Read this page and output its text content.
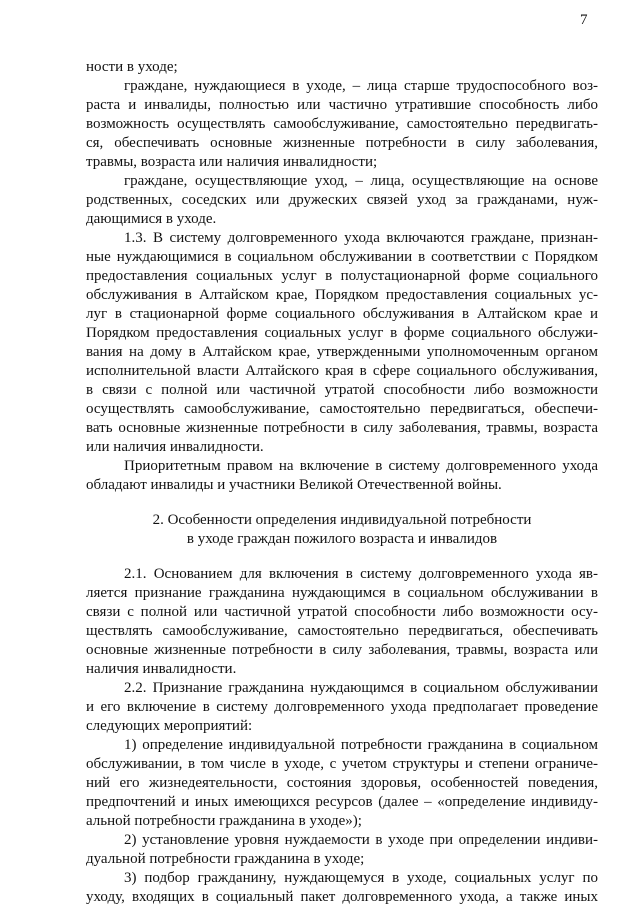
7
ности в уходе;
граждане, нуждающиеся в уходе, – лица старше трудоспособного воз-
раста и инвалиды, полностью или частично утратившие способность либо
возможность осуществлять самообслуживание, самостоятельно передвигать-
ся, обеспечивать основные жизненные потребности в силу заболевания,
травмы, возраста или наличия инвалидности;
граждане, осуществляющие уход, – лица, осуществляющие на основе
родственных, соседских или дружеских связей уход за гражданами, нуж-
дающимися в уходе.
1.3. В систему долговременного ухода включаются граждане, признан-
ные нуждающимися в социальном обслуживании в соответствии с Порядком
предоставления социальных услуг в полустационарной форме социального
обслуживания в Алтайском крае, Порядком предоставления социальных ус-
луг в стационарной форме социального обслуживания в Алтайском крае и
Порядком предоставления социальных услуг в форме социального обслужи-
вания на дому в Алтайском крае, утвержденными уполномоченным органом
исполнительной власти Алтайского края в сфере социального обслуживания,
в связи с полной или частичной утратой способности либо возможности
осуществлять самообслуживание, самостоятельно передвигаться, обеспечи-
вать основные жизненные потребности в силу заболевания, травмы, возраста
или наличия инвалидности.
Приоритетным правом на включение в систему долговременного ухода
обладают инвалиды и участники Великой Отечественной войны.
2. Особенности определения индивидуальной потребности
в уходе граждан пожилого возраста и инвалидов
2.1. Основанием для включения в систему долговременного ухода яв-
ляется признание гражданина нуждающимся в социальном обслуживании в
связи с полной или частичной утратой способности либо возможности осу-
ществлять самообслуживание, самостоятельно передвигаться, обеспечивать
основные жизненные потребности в силу заболевания, травмы, возраста или
наличия инвалидности.
2.2. Признание гражданина нуждающимся в социальном обслуживании
и его включение в систему долговременного ухода предполагает проведение
следующих мероприятий:
1) определение индивидуальной потребности гражданина в социальном
обслуживании, в том числе в уходе, с учетом структуры и степени ограниче-
ний его жизнедеятельности, состояния здоровья, особенностей поведения,
предпочтений и иных имеющихся ресурсов (далее – «определение индивиду-
альной потребности гражданина в уходе»);
2) установление уровня нуждаемости в уходе при определении индиви-
дуальной потребности гражданина в уходе;
3) подбор гражданину, нуждающемуся в уходе, социальных услуг по
уходу, входящих в социальный пакет долговременного ухода, а также иных
